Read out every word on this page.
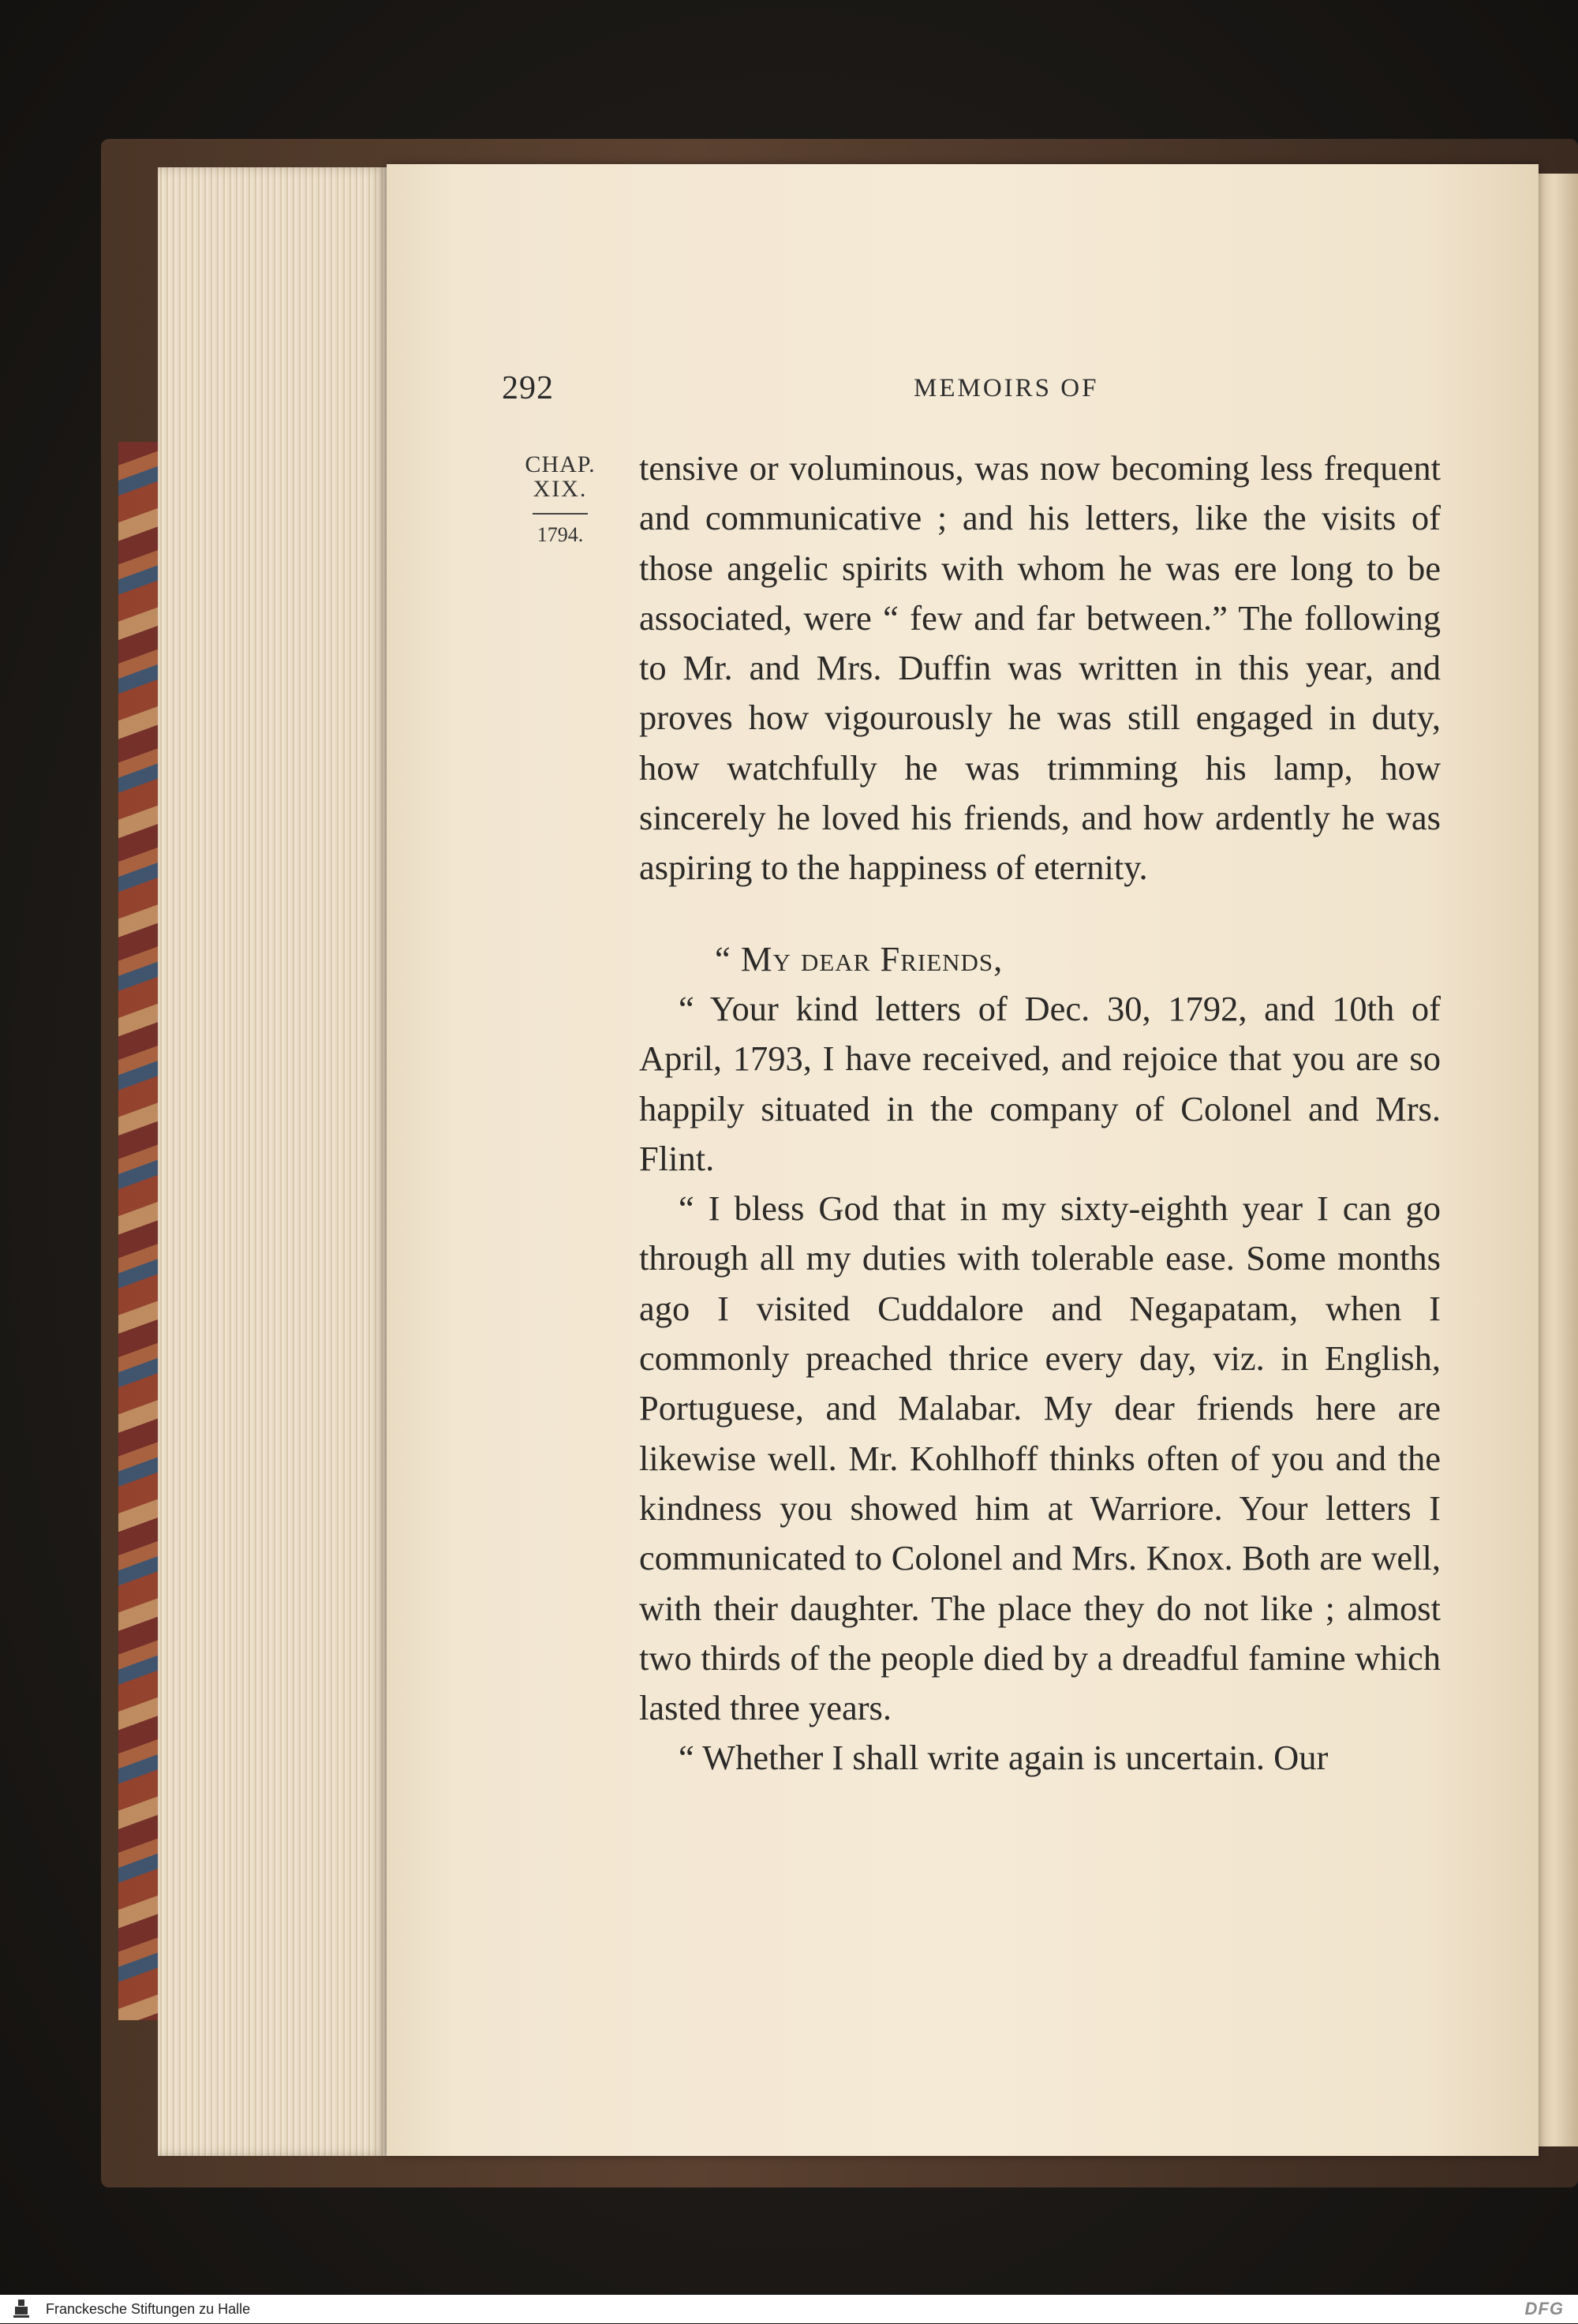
292	MEMOIRS OF
CHAP.
XIX.
1794.

tensive or voluminous, was now becoming less frequent and communicative ; and his letters, like the visits of those angelic spirits with whom he was ere long to be associated, were “ few and far between.” The following to Mr. and Mrs. Duffin was written in this year, and proves how vigourously he was still engaged in duty, how watchfully he was trimming his lamp, how sincerely he loved his friends, and how ardently he was aspiring to the happiness of eternity.

“ My dear Friends,

“ Your kind letters of Dec. 30, 1792, and 10th of April, 1793, I have received, and rejoice that you are so happily situated in the company of Colonel and Mrs. Flint.

“ I bless God that in my sixty-eighth year I can go through all my duties with tolerable ease. Some months ago I visited Cuddalore and Negapatam, when I commonly preached thrice every day, viz. in English, Portuguese, and Malabar. My dear friends here are likewise well. Mr. Kohlhoff thinks often of you and the kindness you showed him at Warriore. Your letters I communicated to Colonel and Mrs. Knox. Both are well, with their daughter. The place they do not like ; almost two thirds of the people died by a dreadful famine which lasted three years.

“ Whether I shall write again is uncertain. Our

Franckesche Stiftungen zu Halle	DFG
